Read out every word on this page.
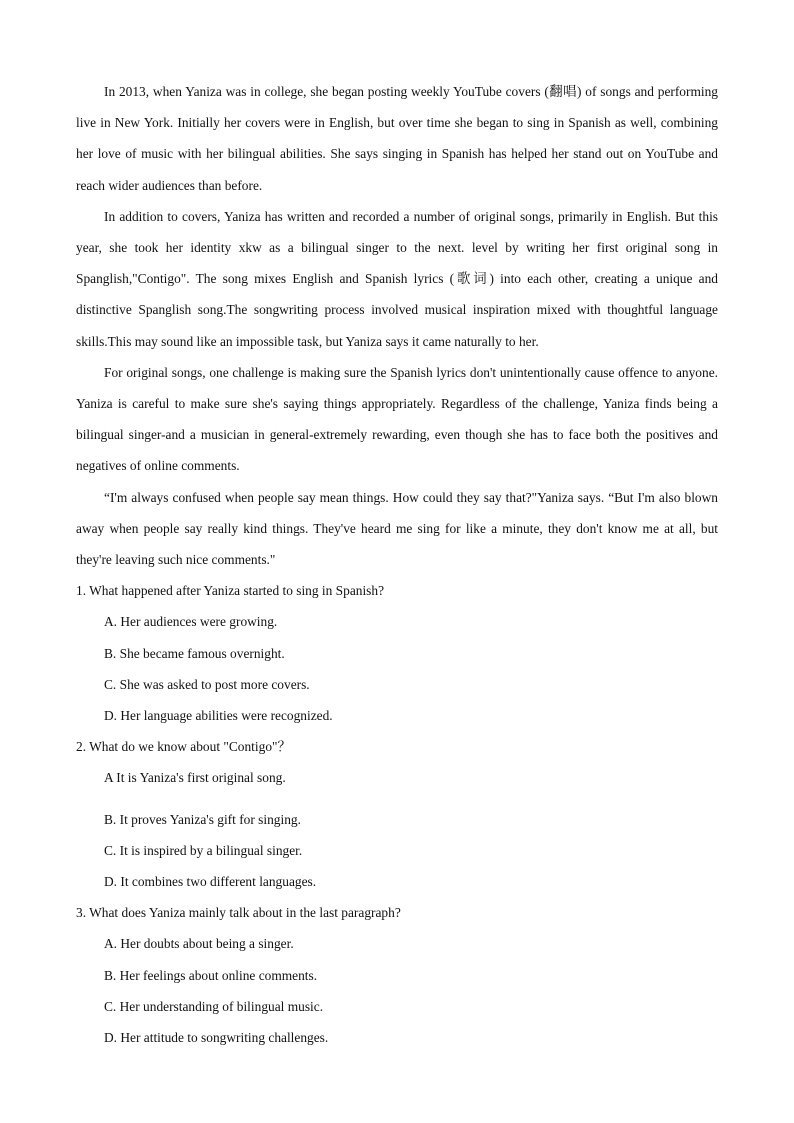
In 2013, when Yaniza was in college, she began posting weekly YouTube covers (翻唱) of songs and performing live in New York. Initially her covers were in English, but over time she began to sing in Spanish as well, combining her love of music with her bilingual abilities. She says singing in Spanish has helped her stand out on YouTube and reach wider audiences than before.

In addition to covers, Yaniza has written and recorded a number of original songs, primarily in English. But this year, she took her identity xkw as a bilingual singer to the next. level by writing her first original song in Spanglish,"Contigo". The song mixes English and Spanish lyrics (歌词) into each other, creating a unique and distinctive Spanglish song.The songwriting process involved musical inspiration mixed with thoughtful language skills.This may sound like an impossible task, but Yaniza says it came naturally to her.

For original songs, one challenge is making sure the Spanish lyrics don't unintentionally cause offence to anyone. Yaniza is careful to make sure she's saying things appropriately. Regardless of the challenge, Yaniza finds being a bilingual singer-and a musician in general-extremely rewarding, even though she has to face both the positives and negatives of online comments.

“I'm always confused when people say mean things. How could they say that?"Yaniza says. “But I'm also blown away when people say really kind things. They've heard me sing for like a minute, they don't know me at all, but they're leaving such nice comments."

1. What happened after Yaniza started to sing in Spanish?

A. Her audiences were growing.

B. She became famous overnight.

C. She was asked to post more covers.

D. Her language abilities were recognized.

2. What do we know about "Contigo"？

A It is Yaniza's first original song.

B. It proves Yaniza's gift for singing.

C. It is inspired by a bilingual singer.

D. It combines two different languages.

3. What does Yaniza mainly talk about in the last paragraph?

A. Her doubts about being a singer.

B. Her feelings about online comments.

C. Her understanding of bilingual music.

D. Her attitude to songwriting challenges.
